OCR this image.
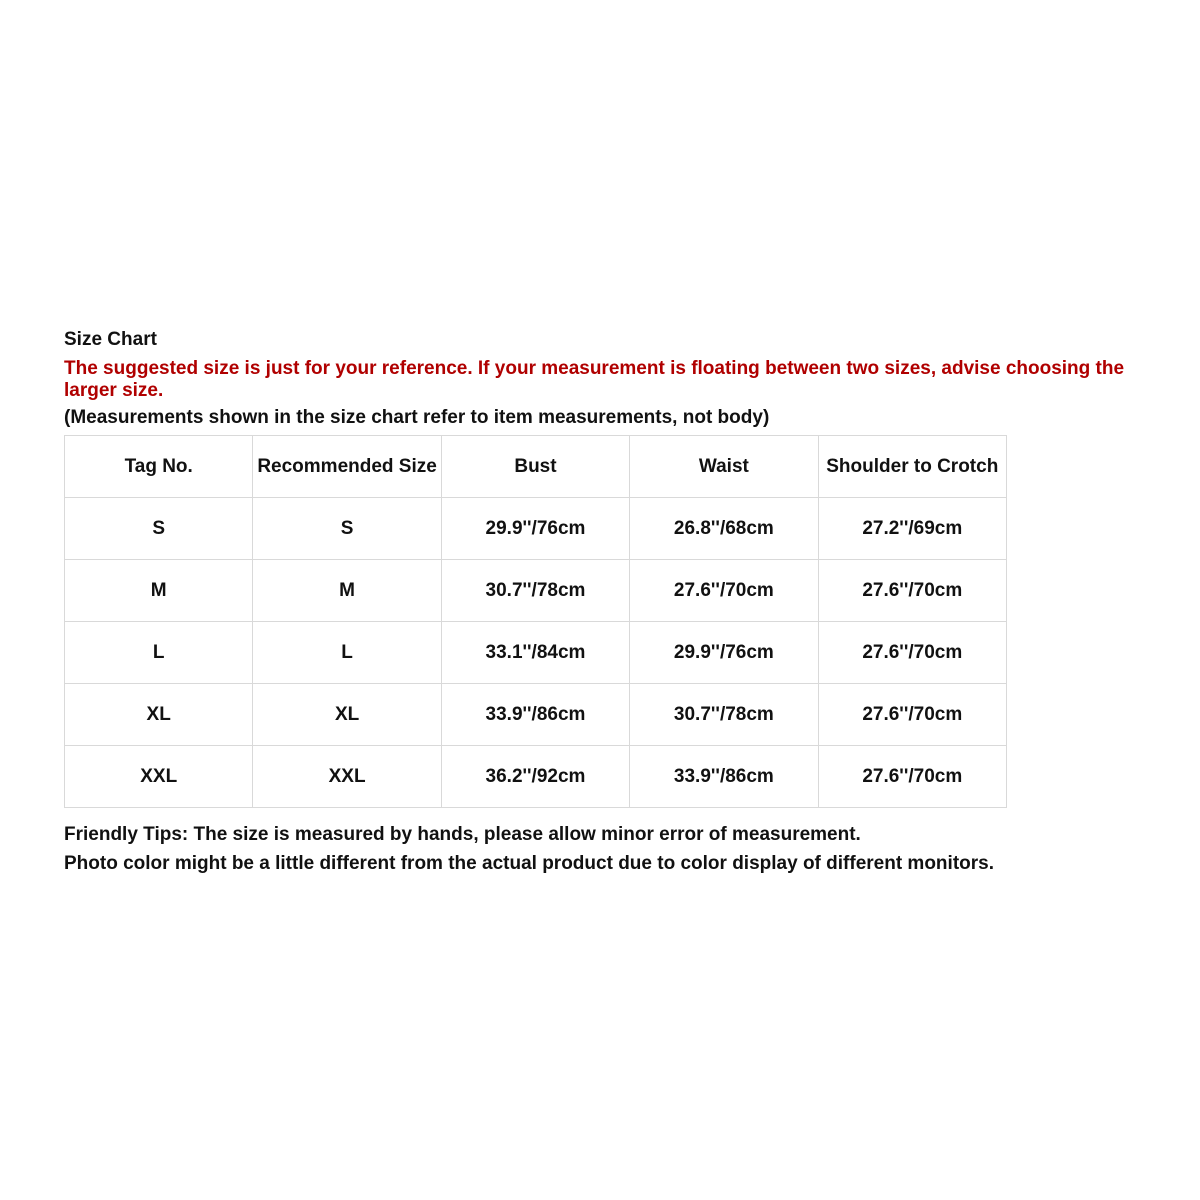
Size Chart

The suggested size is just for your reference. If your measurement is floating between two sizes, advise choosing the larger size.

(Measurements shown in the size chart refer to item measurements, not body)

Tag No.	Recommended Size	Bust	Waist	Shoulder to Crotch
S	S	29.9''/76cm	26.8''/68cm	27.2''/69cm
M	M	30.7''/78cm	27.6''/70cm	27.6''/70cm
L	L	33.1''/84cm	29.9''/76cm	27.6''/70cm
XL	XL	33.9''/86cm	30.7''/78cm	27.6''/70cm
XXL	XXL	36.2''/92cm	33.9''/86cm	27.6''/70cm

Friendly Tips: The size is measured by hands, please allow minor error of measurement.

Photo color might be a little different from the actual product due to color display of different monitors.
